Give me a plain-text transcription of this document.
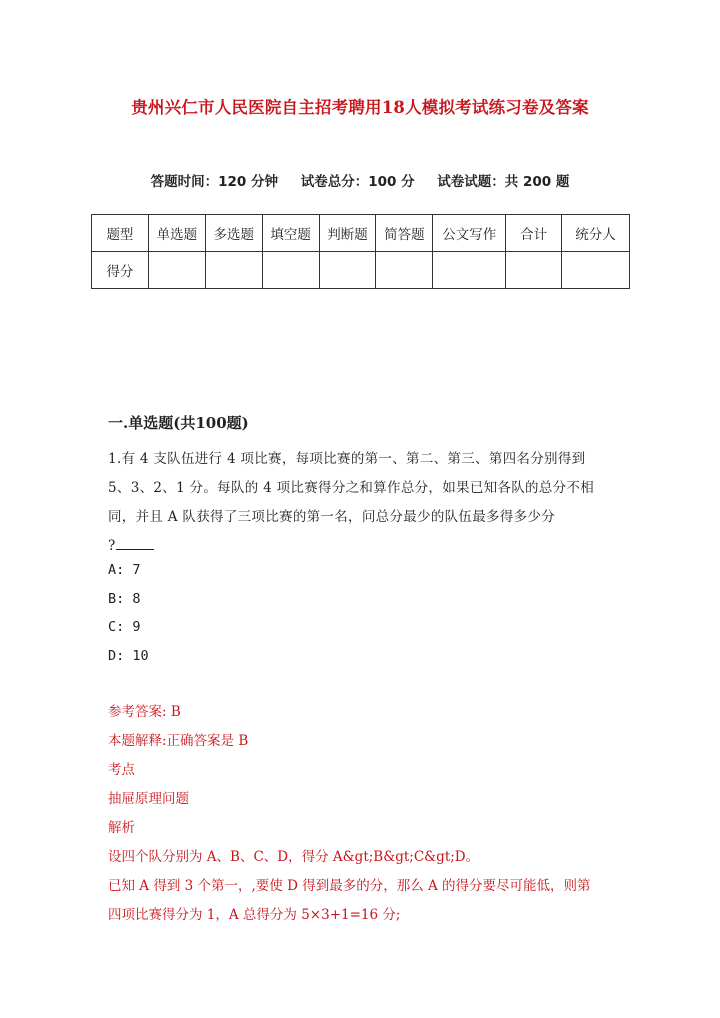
贵州兴仁市人民医院自主招考聘用18人模拟考试练习卷及答案
答题时间：120 分钟 试卷总分：100 分 试卷试题：共 200 题
题型	单选题	多选题	填空题	判断题	简答题	公文写作	合计	统分人
得分								
一.单选题(共100题)
1.有 4 支队伍进行 4 项比赛，每项比赛的第一、第二、第三、第四名分别得到
5、3、2、1 分。每队的 4 项比赛得分之和算作总分，如果已知各队的总分不相
同，并且 A 队获得了三项比赛的第一名，问总分最少的队伍最多得多少分
?
A: 7
B: 8
C: 9
D: 10
参考答案: B
本题解释:正确答案是 B
考点
抽屉原理问题
解析
设四个队分别为 A、B、C、D，得分 A&gt;B&gt;C&gt;D。
已知 A 得到 3 个第一，,要使 D 得到最多的分，那么 A 的得分要尽可能低，则第
四项比赛得分为 1，A 总得分为 5×3+1=16 分;
